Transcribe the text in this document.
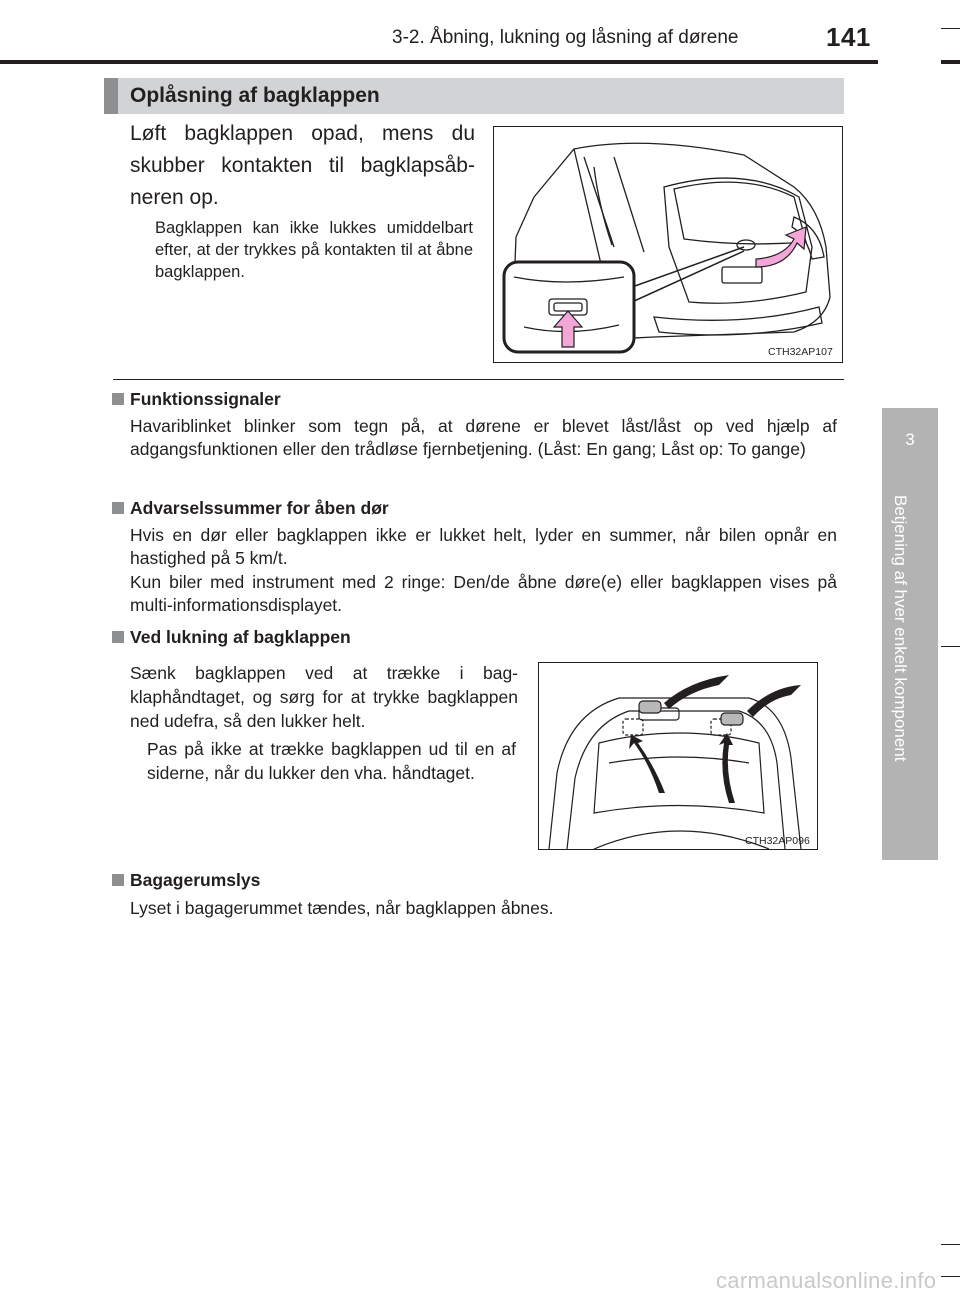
3-2. Åbning, lukning og låsning af dørene	141
3
Betjening af hver enkelt komponent
Oplåsning af bagklappen
Løft bagklappen opad, mens du skubber kontakten til bagklapsåbneren op.
Bagklappen kan ikke lukkes umiddelbart efter, at der trykkes på kontakten til at åbne bagklappen.
CTH32AP107
Funktionssignaler
Havariblinket blinker som tegn på, at dørene er blevet låst/låst op ved hjælp af adgangsfunktionen eller den trådløse fjernbetjening. (Låst: En gang; Låst op: To gange)
Advarselssummer for åben dør
Hvis en dør eller bagklappen ikke er lukket helt, lyder en summer, når bilen opnår en hastighed på 5 km/t.
Kun biler med instrument med 2 ringe: Den/de åbne døre(e) eller bagklappen vises på multi-informationsdisplayet.
Ved lukning af bagklappen
Sænk bagklappen ved at trække i bagklaphåndtaget, og sørg for at trykke bagklappen ned udefra, så den lukker helt.
Pas på ikke at trække bagklappen ud til en af siderne, når du lukker den vha. håndtaget.
CTH32AP096
Bagagerumslys
Lyset i bagagerummet tændes, når bagklappen åbnes.
carmanualsonline.info
